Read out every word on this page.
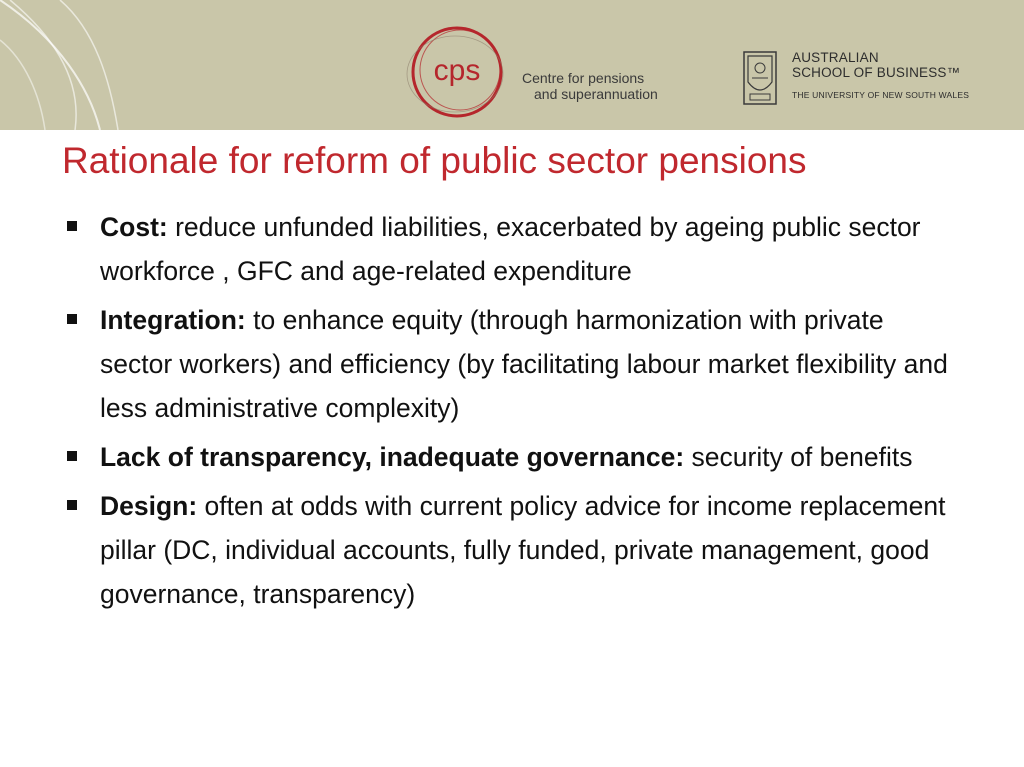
cps	Centre for pensions
and superannuation
AUSTRALIAN
SCHOOL OF BUSINESS™
THE UNIVERSITY OF NEW SOUTH WALES
Rationale for reform of public sector pensions
Cost: reduce unfunded liabilities, exacerbated by ageing public sector workforce , GFC and age-related expenditure
Integration: to enhance equity (through harmonization with private sector workers) and efficiency (by facilitating labour market flexibility and less administrative complexity)
Lack of transparency, inadequate governance: security of benefits
Design: often at odds with current policy advice for income replacement pillar (DC, individual accounts, fully funded, private management, good governance, transparency)
